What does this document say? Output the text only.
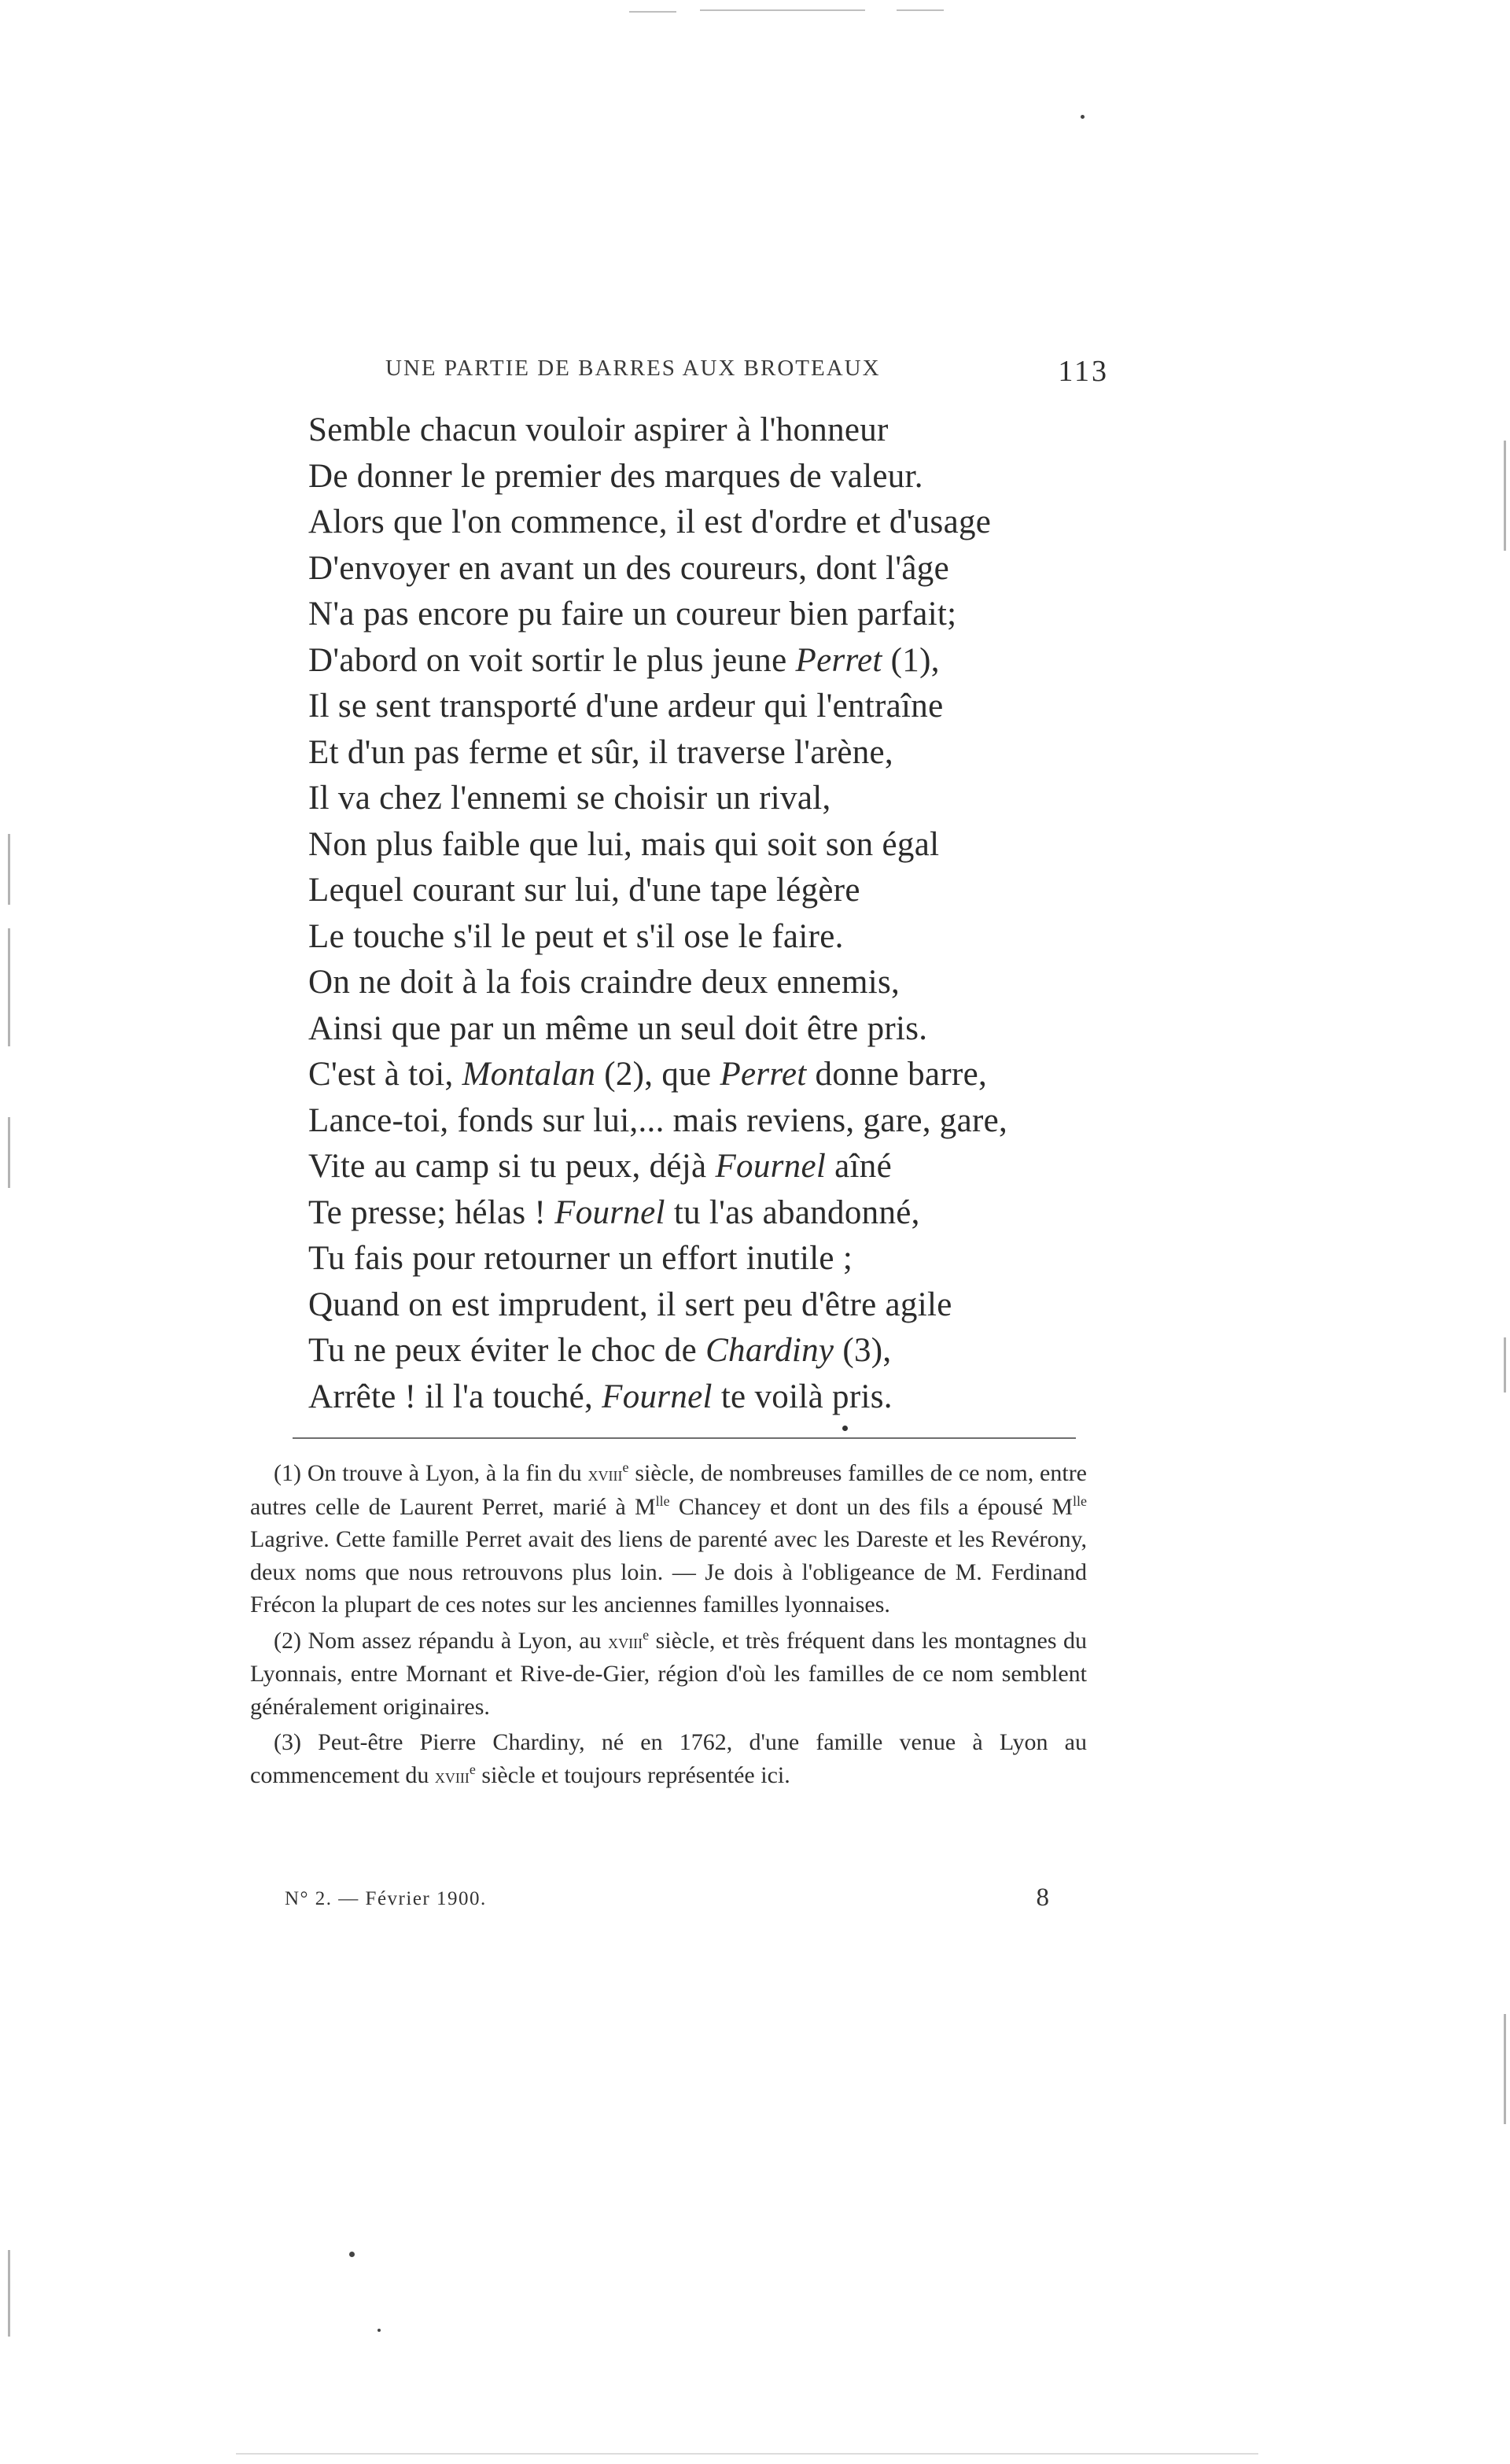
UNE PARTIE DE BARRES AUX BROTEAUX	113
Semble chacun vouloir aspirer à l'honneur
De donner le premier des marques de valeur.
Alors que l'on commence, il est d'ordre et d'usage
D'envoyer en avant un des coureurs, dont l'âge
N'a pas encore pu faire un coureur bien parfait;
D'abord on voit sortir le plus jeune Perret (1),
Il se sent transporté d'une ardeur qui l'entraîne
Et d'un pas ferme et sûr, il traverse l'arène,
Il va chez l'ennemi se choisir un rival,
Non plus faible que lui, mais qui soit son égal
Lequel courant sur lui, d'une tape légère
Le touche s'il le peut et s'il ose le faire.
On ne doit à la fois craindre deux ennemis,
Ainsi que par un même un seul doit être pris.
C'est à toi, Montalan (2), que Perret donne barre,
Lance-toi, fonds sur lui,... mais reviens, gare, gare,
Vite au camp si tu peux, déjà Fournel aîné
Te presse; hélas ! Fournel tu l'as abandonné,
Tu fais pour retourner un effort inutile ;
Quand on est imprudent, il sert peu d'être agile
Tu ne peux éviter le choc de Chardiny (3),
Arrête ! il l'a touché, Fournel te voilà pris.

(1) On trouve à Lyon, à la fin du xviii$^e$ siècle, de nombreuses familles de ce nom, entre autres celle de Laurent Perret, marié à $M^{lle}$ Chancey et dont un des fils a épousé $M^{lle}$ Lagrive. Cette famille Perret avait des liens de parenté avec les Dareste et les Revérony, deux noms que nous retrouvons plus loin. — Je dois à l'obligeance de M. Ferdinand Frécon la plupart de ces notes sur les anciennes familles lyonnaises.

(2) Nom assez répandu à Lyon, au xviii$^e$ siècle, et très fréquent dans les montagnes du Lyonnais, entre Mornant et Rive-de-Gier, région d'où les familles de ce nom semblent généralement originaires.

(3) Peut-être Pierre Chardiny, né en 1762, d'une famille venue à Lyon au commencement du xviii$^e$ siècle et toujours représentée ici.

N° 2. — Février 1900.	8
